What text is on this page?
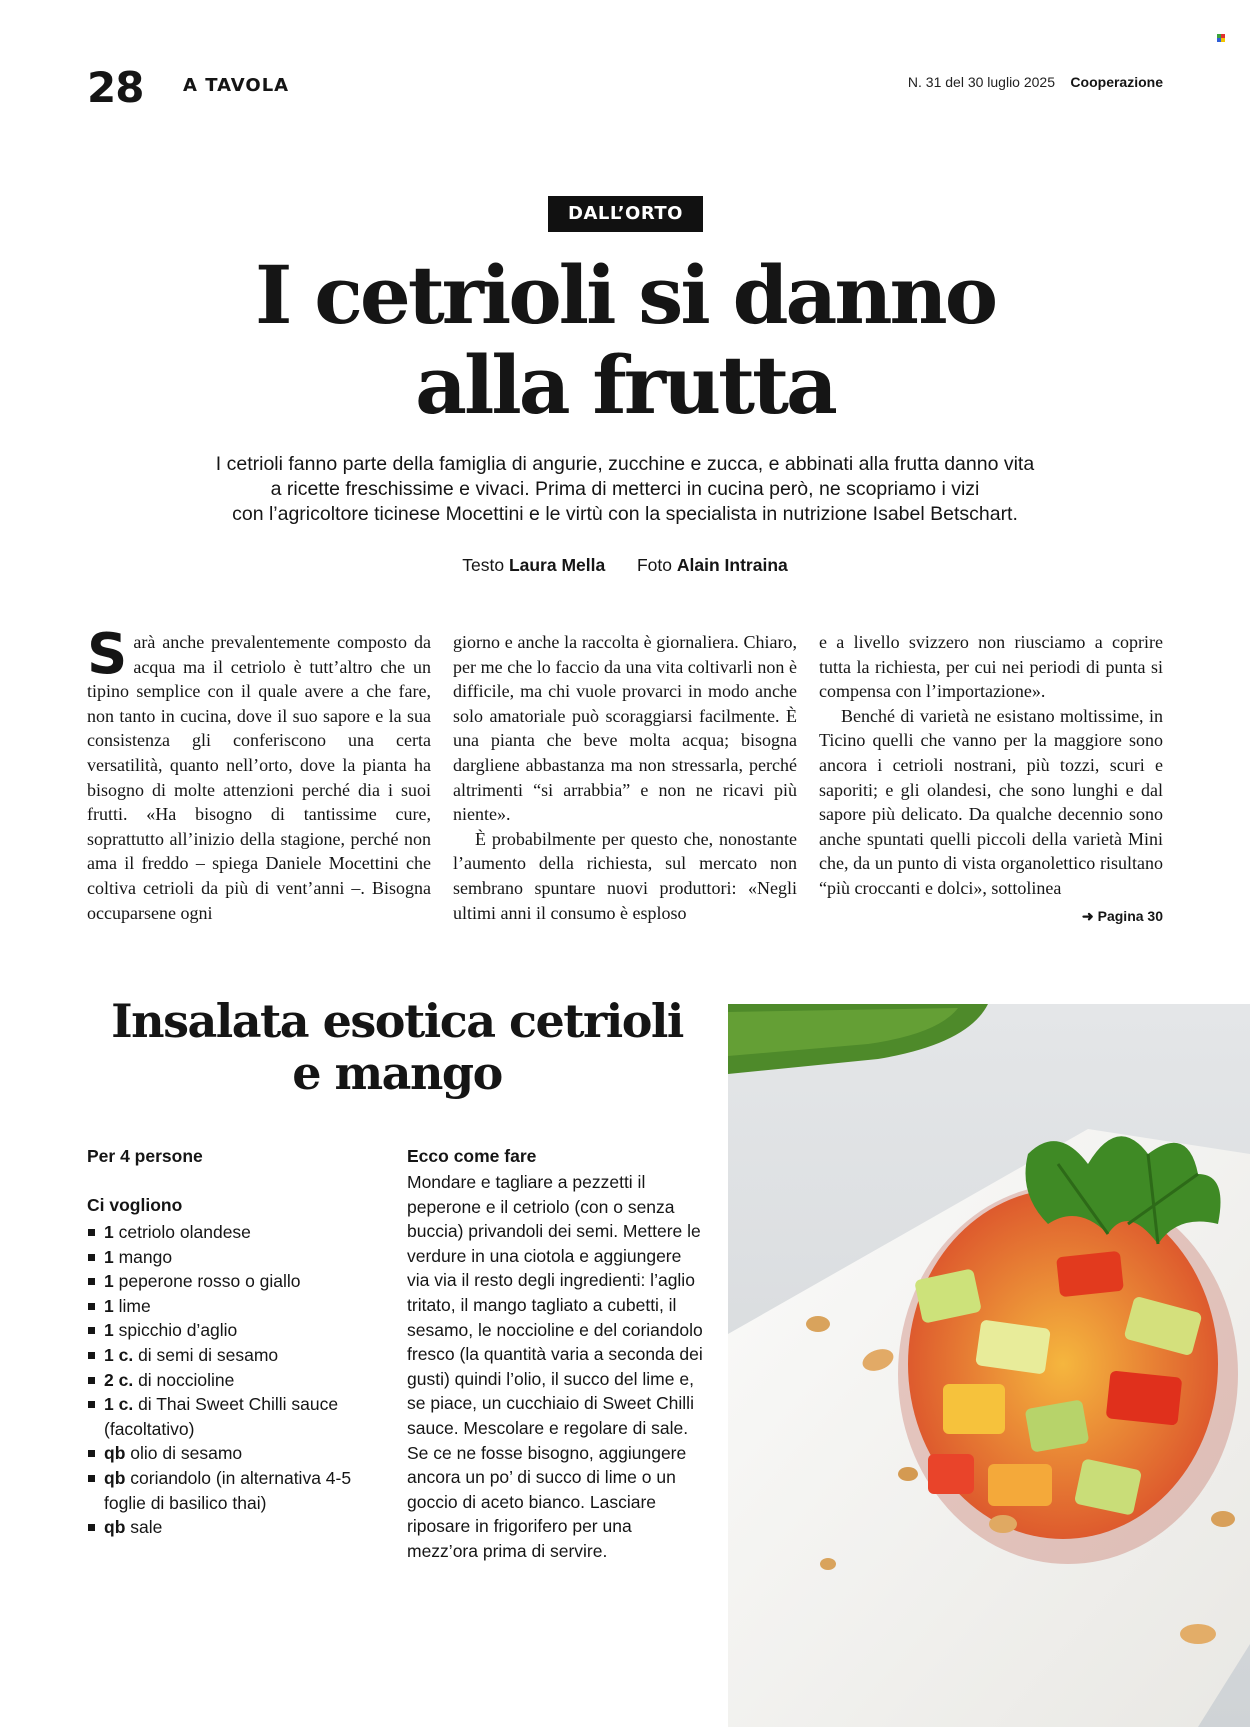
28 A TAVOLA	N. 31 del 30 luglio 2025 Cooperazione
DALL’ORTO
I cetrioli si danno
alla frutta
I cetrioli fanno parte della famiglia di angurie, zucchine e zucca, e abbinati alla frutta danno vita
a ricette freschissime e vivaci. Prima di metterci in cucina però, ne scopriamo i vizi
con l’agricoltore ticinese Mocettini e le virtù con la specialista in nutrizione Isabel Betschart.
Testo Laura Mella Foto Alain Intraina

Sarà anche prevalentemente composto da acqua ma il cetriolo è tutt’altro che un tipino semplice con il quale avere a che fare, non tanto in cucina, dove il suo sapore e la sua consistenza gli conferiscono una certa versatilità, quanto nell’orto, dove la pianta ha bisogno di molte attenzioni perché dia i suoi frutti. «Ha bisogno di tantissime cure, soprattutto all’inizio della stagione, perché non ama il freddo – spiega Daniele Mocettini che coltiva cetrioli da più di vent’anni –. Bisogna occuparsene ogni

giorno e anche la raccolta è giornaliera. Chiaro, per me che lo faccio da una vita coltivarli non è difficile, ma chi vuole provarci in modo anche solo amatoriale può scoraggiarsi facilmente. È una pianta che beve molta acqua; bisogna dargliene abbastanza ma non stressarla, perché altrimenti “si arrabbia” e non ne ricavi più niente».

È probabilmente per questo che, nonostante l’aumento della richiesta, sul mercato non sembrano spuntare nuovi produttori: «Negli ultimi anni il consumo è esploso

e a livello svizzero non riusciamo a coprire tutta la richiesta, per cui nei periodi di punta si compensa con l’importazione».

Benché di varietà ne esistano moltissime, in Ticino quelli che vanno per la maggiore sono ancora i cetrioli nostrani, più tozzi, scuri e saporiti; e gli olandesi, che sono lunghi e dal sapore più delicato. Da qualche decennio sono anche spuntati quelli piccoli della varietà Mini che, da un punto di vista organolettico risultano “più croccanti e dolci», sottolinea
➜ Pagina 30

Insalata esotica cetrioli
e mango
Per 4 persone
Ci vogliono
1 cetriolo olandese
1 mango
1 peperone rosso o giallo
1 lime
1 spicchio d’aglio
1 c. di semi di sesamo
2 c. di noccioline
1 c. di Thai Sweet Chilli sauce (facoltativo)
qb olio di sesamo
qb coriandolo (in alternativa 4-5 foglie di basilico thai)
qb sale
Ecco come fare
Mondare e tagliare a pezzetti il peperone e il cetriolo (con o senza buccia) privandoli dei semi. Mettere le verdure in una ciotola e aggiungere via via il resto degli ingredienti: l’aglio tritato, il mango tagliato a cubetti, il sesamo, le noccioline e del coriandolo fresco (la quantità varia a seconda dei gusti) quindi l’olio, il succo del lime e, se piace, un cucchiaio di Sweet Chilli sauce. Mescolare e regolare di sale. Se ce ne fosse bisogno, aggiungere ancora un po’ di succo di lime o un goccio di aceto bianco. Lasciare riposare in frigorifero per una mezz’ora prima di servire.
